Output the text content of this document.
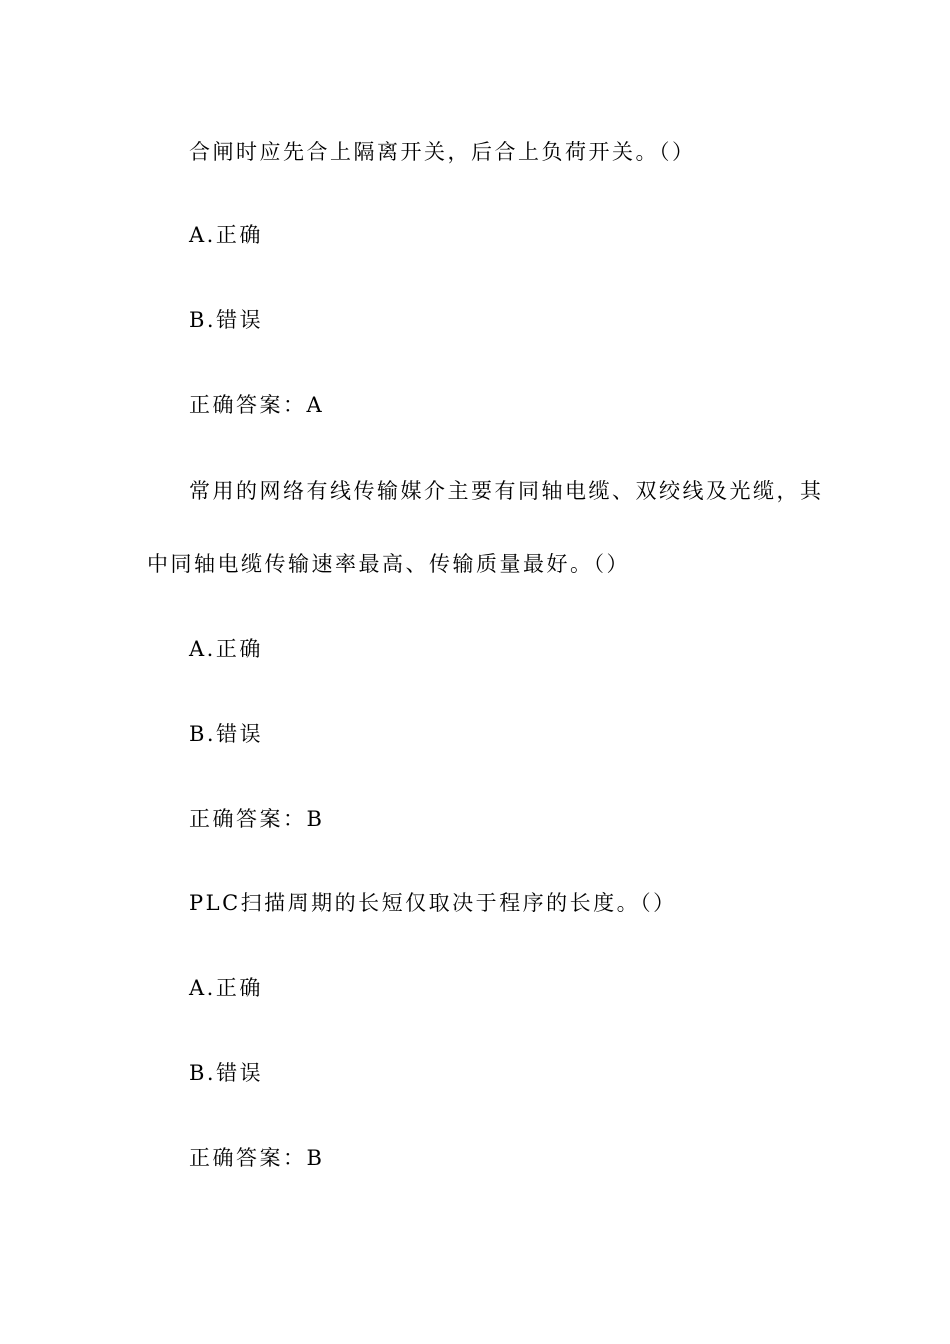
合闸时应先合上隔离开关，后合上负荷开关。（）
A.正确
B.错误
正确答案：A
常用的网络有线传输媒介主要有同轴电缆、双绞线及光缆，其
中同轴电缆传输速率最高、传输质量最好。（）
A.正确
B.错误
正确答案：B
PLC扫描周期的长短仅取决于程序的长度。（）
A.正确
B.错误
正确答案：B
